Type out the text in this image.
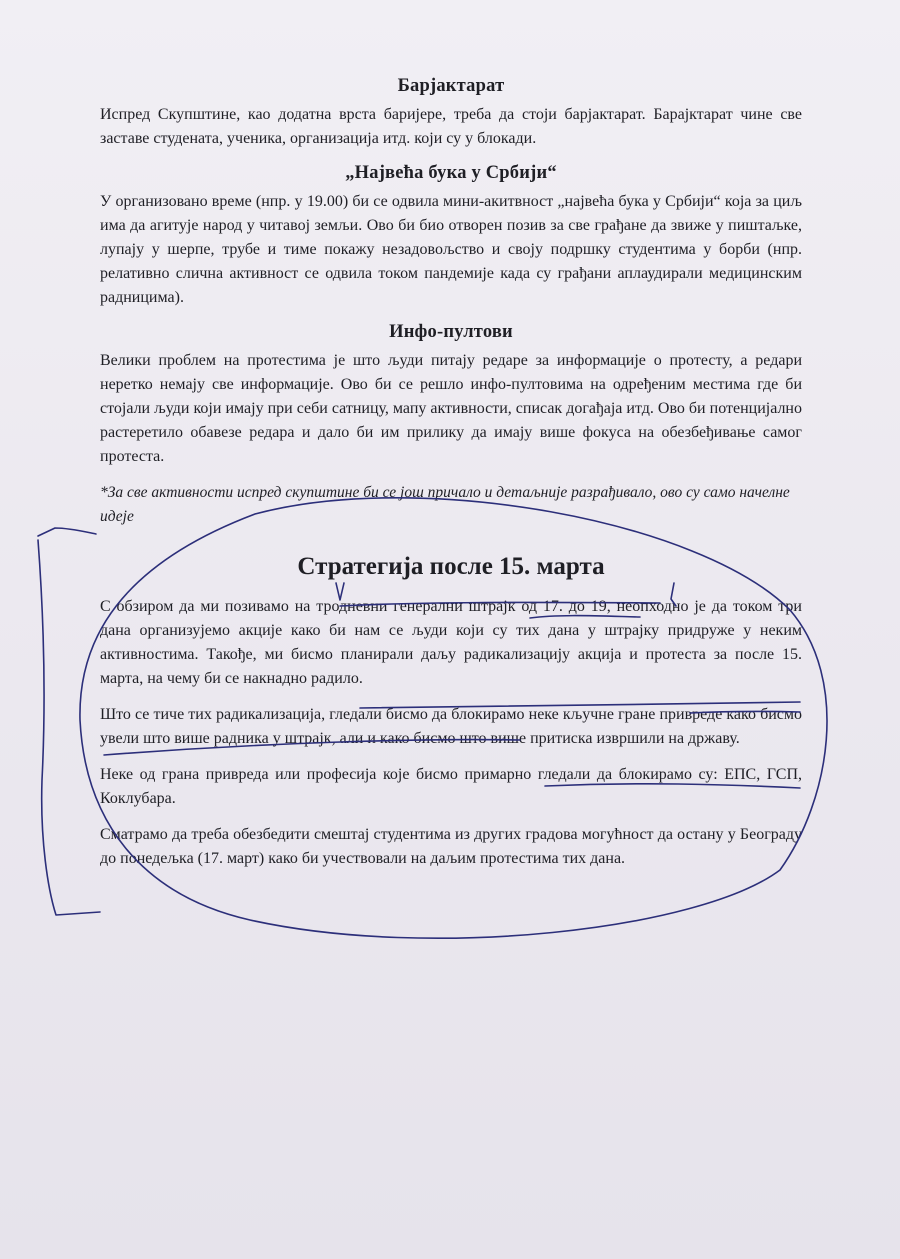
Барјактарат

Испред Скупштине, као додатна врста баријере, треба да стоји барјактарат. Барајктарат чине све заставе студената, ученика, организација итд. који су у блокади.

„Највећа бука у Србији“

У организовано време (нпр. у 19.00) би се одвила мини-акитвност „највећа бука у Србији“ која за циљ има да агитује народ у читавој земљи. Ово би био отворен позив за све грађане да звиже у пиштаљке, лупају у шерпе, трубе и тиме покажу незадовољство и своју подршку студентима у борби (нпр. релативно слична активност се одвила током пандемије када су грађани аплаудирали медицинским радницима).

Инфо-пултови

Велики проблем на протестима је што људи питају редаре за информације о протесту, а редари неретко немају све информације. Ово би се решло инфо-пултовима на одређеним местима где би стојали људи који имају при себи сатницу, мапу активности, списак догађаја итд. Ово би потенцијално растеретило обавезе редара и дало би им прилику да имају више фокуса на обезбеђивање самог протеста.

*За све активности испред скупштине би се још причало и детаљније разрађивало, ово су само начелне идеје

Стратегија после 15. марта

С обзиром да ми позивамо на тродневни генерални штрајк од 17. до 19, неопходно је да током три дана организујемо акције како би нам се људи који су тих дана у штрајку придруже у неким активностима. Такође, ми бисмо планирали даљу радикализацију акција и протеста за после 15. марта, на чему би се накнадно радило.

Што се тиче тих радикализација, гледали бисмо да блокирамо неке кључне гране привреде како бисмо увели што више радника у штрајк, али и како бисмо што више притиска извршили на државу.

Неке од грана привреда или професија које бисмо примарно гледали да блокирамо су: ЕПС, ГСП, Коклубара.

Сматрамо да треба обезбедити смештај студентима из других градова могућност да остану у Београду до понедељка (17. март) како би учествовали на даљим протестима тих дана.
